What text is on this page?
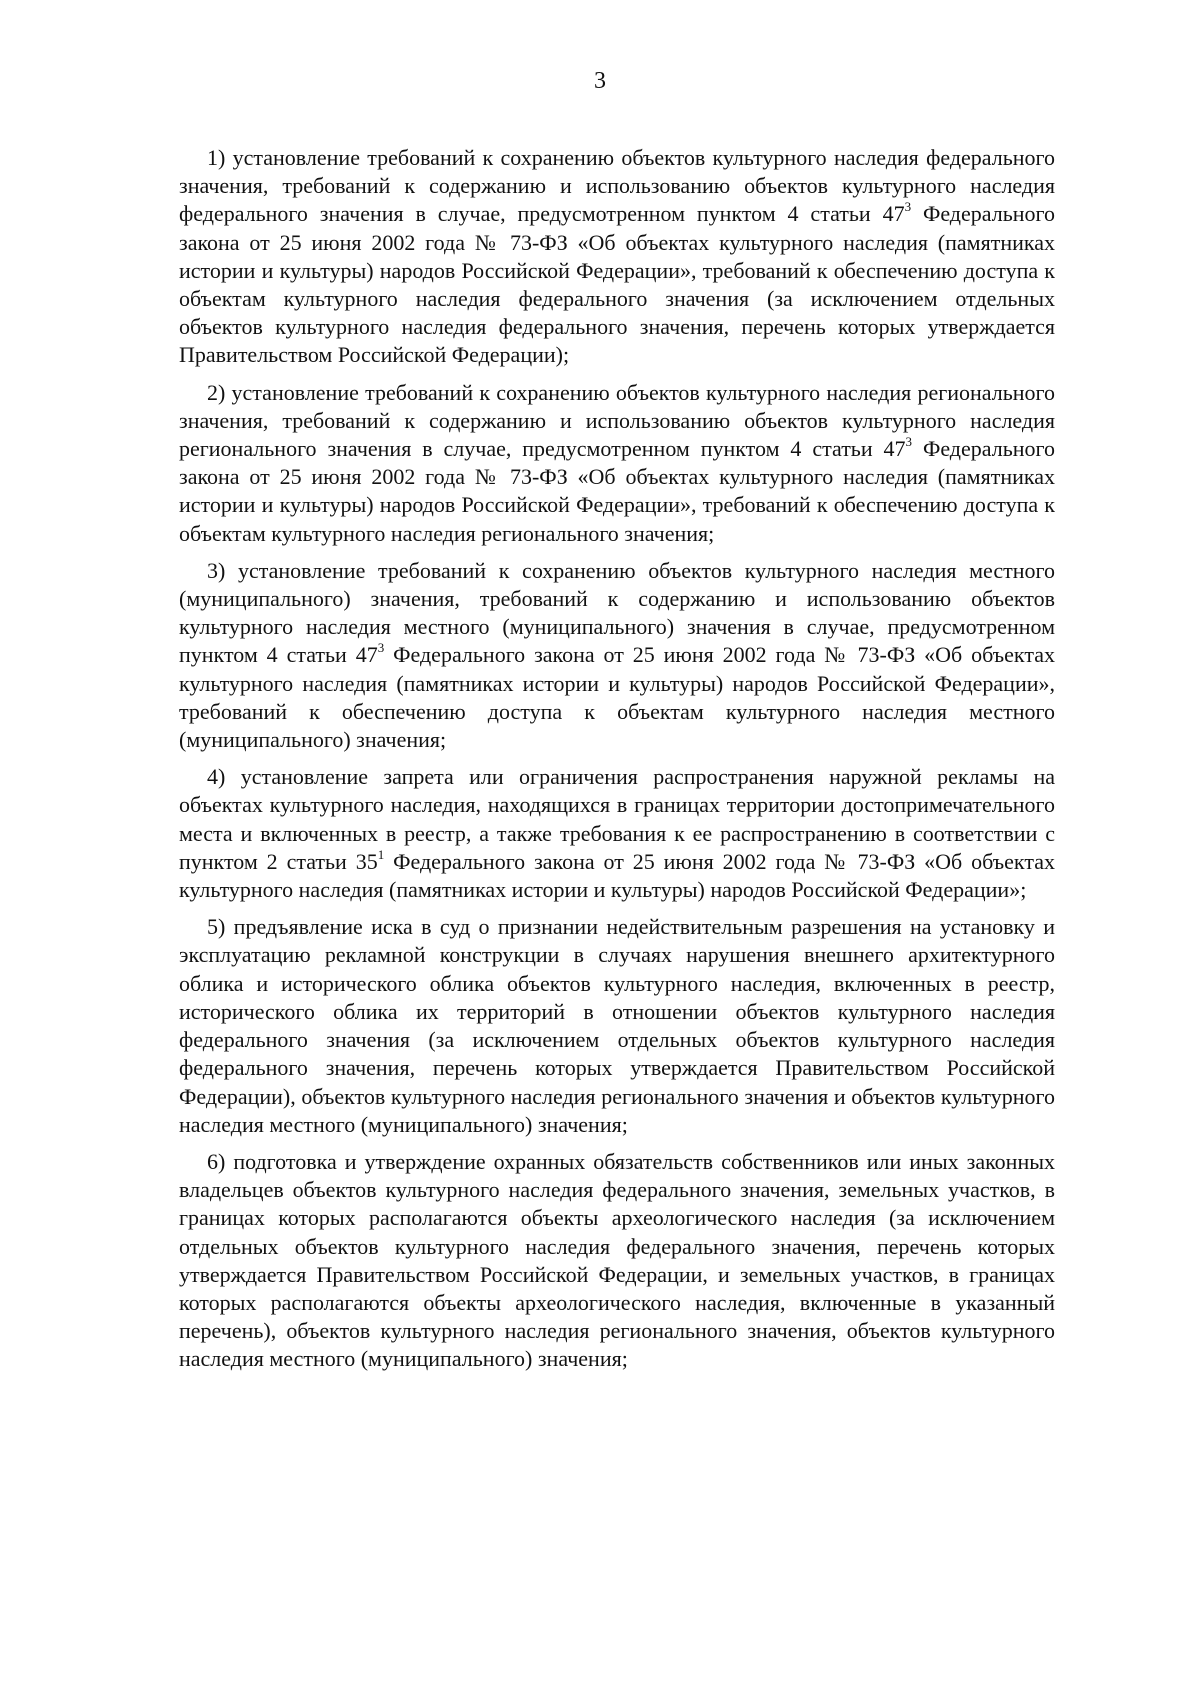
3

1) установление требований к сохранению объектов культурного наследия федерального значения, требований к содержанию и использованию объектов культурного наследия федерального значения в случае, предусмотренном пунктом 4 статьи $47^3$ Федерального закона от 25 июня 2002 года № 73-ФЗ «Об объектах культурного наследия (памятниках истории и культуры) народов Российской Федерации», требований к обеспечению доступа к объектам культурного наследия федерального значения (за исключением отдельных объектов культурного наследия федерального значения, перечень которых утверждается Правительством Российской Федерации);

2) установление требований к сохранению объектов культурного наследия регионального значения, требований к содержанию и использованию объектов культурного наследия регионального значения в случае, предусмотренном пунктом 4 статьи $47^3$ Федерального закона от 25 июня 2002 года № 73-ФЗ «Об объектах культурного наследия (памятниках истории и культуры) народов Российской Федерации», требований к обеспечению доступа к объектам культурного наследия регионального значения;

3) установление требований к сохранению объектов культурного наследия местного (муниципального) значения, требований к содержанию и использованию объектов культурного наследия местного (муниципального) значения в случае, предусмотренном пунктом 4 статьи $47^3$ Федерального закона от 25 июня 2002 года № 73-ФЗ «Об объектах культурного наследия (памятниках истории и культуры) народов Российской Федерации», требований к обеспечению доступа к объектам культурного наследия местного (муниципального) значения;

4) установление запрета или ограничения распространения наружной рекламы на объектах культурного наследия, находящихся в границах территории достопримечательного места и включенных в реестр, а также требования к ее распространению в соответствии с пунктом 2 статьи $35^1$ Федерального закона от 25 июня 2002 года № 73-ФЗ «Об объектах культурного наследия (памятниках истории и культуры) народов Российской Федерации»;

5) предъявление иска в суд о признании недействительным разрешения на установку и эксплуатацию рекламной конструкции в случаях нарушения внешнего архитектурного облика и исторического облика объектов культурного наследия, включенных в реестр, исторического облика их территорий в отношении объектов культурного наследия федерального значения (за исключением отдельных объектов культурного наследия федерального значения, перечень которых утверждается Правительством Российской Федерации), объектов культурного наследия регионального значения и объектов культурного наследия местного (муниципального) значения;

6) подготовка и утверждение охранных обязательств собственников или иных законных владельцев объектов культурного наследия федерального значения, земельных участков, в границах которых располагаются объекты археологического наследия (за исключением отдельных объектов культурного наследия федерального значения, перечень которых утверждается Правительством Российской Федерации, и земельных участков, в границах которых располагаются объекты археологического наследия, включенные в указанный перечень), объектов культурного наследия регионального значения, объектов культурного наследия местного (муниципального) значения;
